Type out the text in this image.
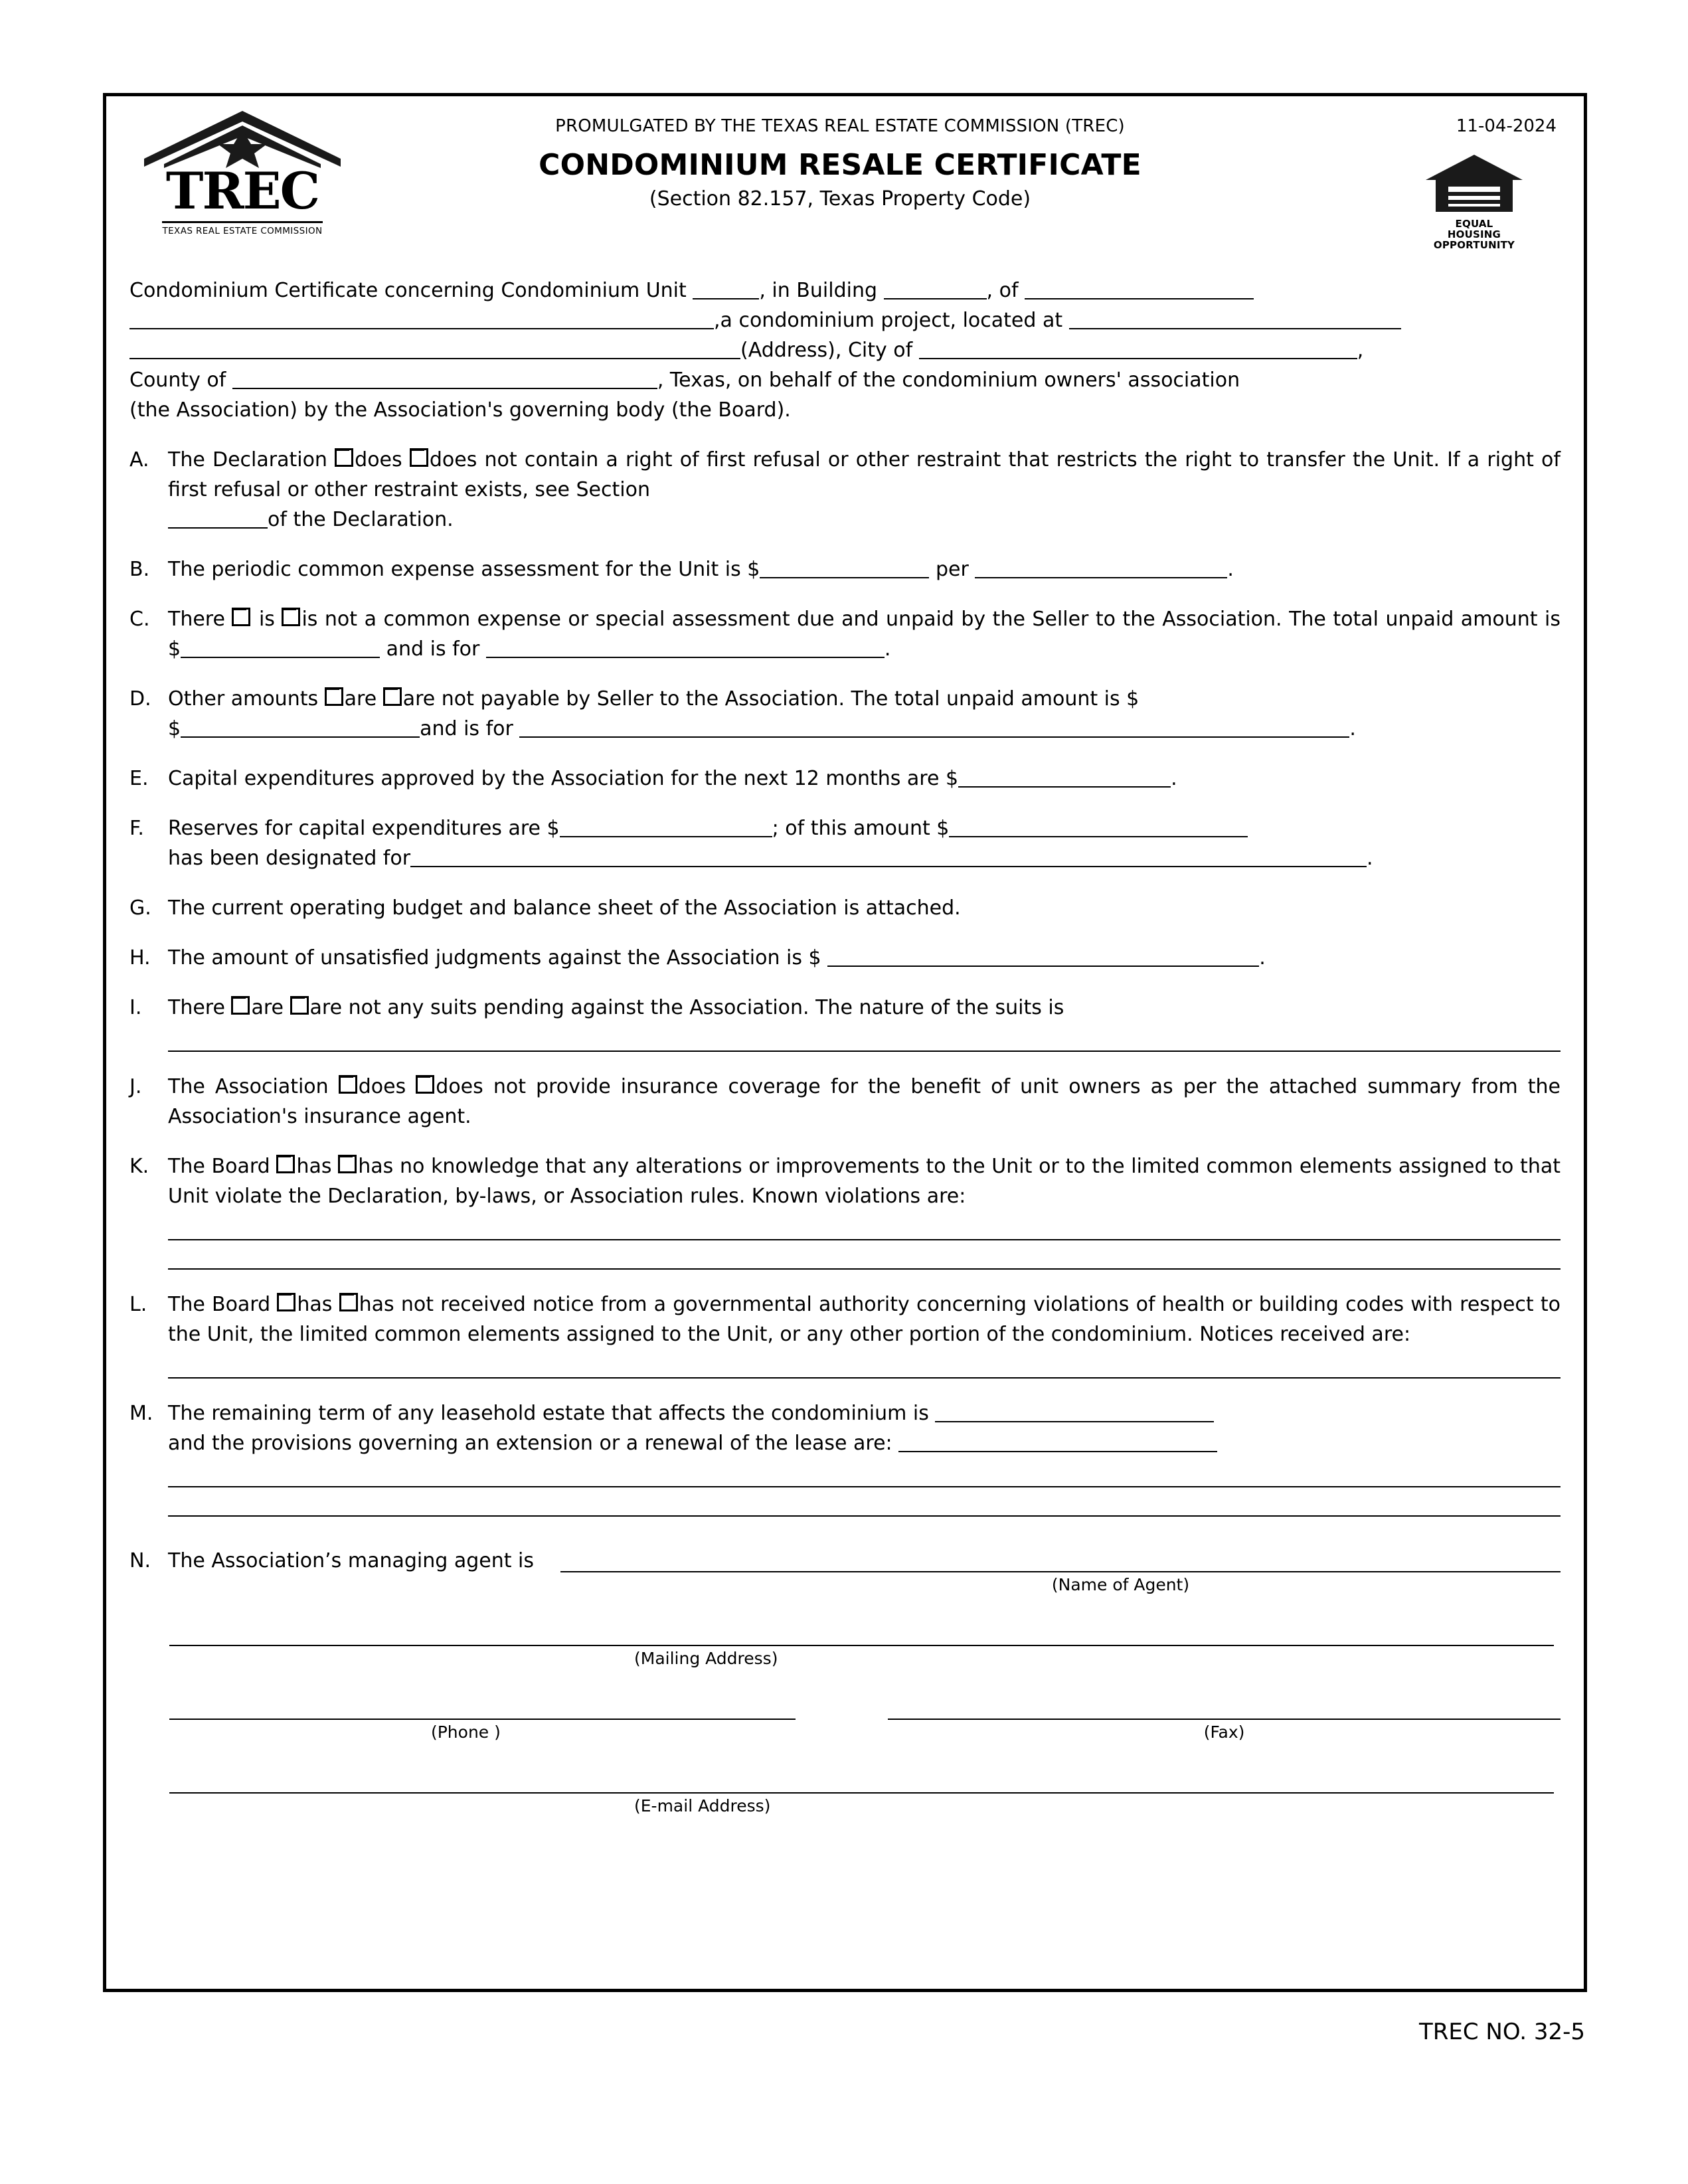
TREC
TEXAS REAL ESTATE COMMISSION
PROMULGATED BY THE TEXAS REAL ESTATE COMMISSION (TREC)
CONDOMINIUM RESALE CERTIFICATE
(Section 82.157, Texas Property Code)
11-04-2024
EQUAL
HOUSING
OPPORTUNITY

Condominium Certificate concerning Condominium Unit	, in Building	, of

,a condominium project, located at

(Address), City of	,

County of	, Texas, on behalf of the condominium owners' association

(the Association) by the Association's governing body (the Board).

A. The Declaration does does not contain a right of first refusal or other restraint that restricts the right to transfer the Unit. If a right of first refusal or other restraint exists, see Section
of the Declaration.
B. The periodic common expense assessment for the Unit is $	per	.
C. There is is not a common expense or special assessment due and unpaid by the Seller to the Association. The total unpaid amount is $	and is for	.
D. Other amounts are are not payable by Seller to the Association. The total unpaid amount is $
$	and is for	.
E. Capital expenditures approved by the Association for the next 12 months are $	.
F.	Reserves for capital expenditures are $	; of this amount $
has been designated for	.
G. The current operating budget and balance sheet of the Association is attached.
H. The amount of unsatisfied judgments against the Association is $	.
I.	There are are not any suits pending against the Association. The nature of the suits is
J.	The Association does does not provide insurance coverage for the benefit of unit owners as per the attached summary from the Association's insurance agent.
K. The Board has has no knowledge that any alterations or improvements to the Unit or to the limited common elements assigned to that Unit violate the Declaration, by-laws, or Association rules. Known violations are:
L.	The Board has has not received notice from a governmental authority concerning violations of health or building codes with respect to the Unit, the limited common elements assigned to the Unit, or any other portion of the condominium. Notices received are:
M. The remaining term of any leasehold estate that affects the condominium is
and the provisions governing an extension or a renewal of the lease are:
N. The Association’s managing agent is
(Name of Agent)
(Mailing Address)
(Phone )	(Fax)
(E-mail Address)
TREC NO. 32-5
